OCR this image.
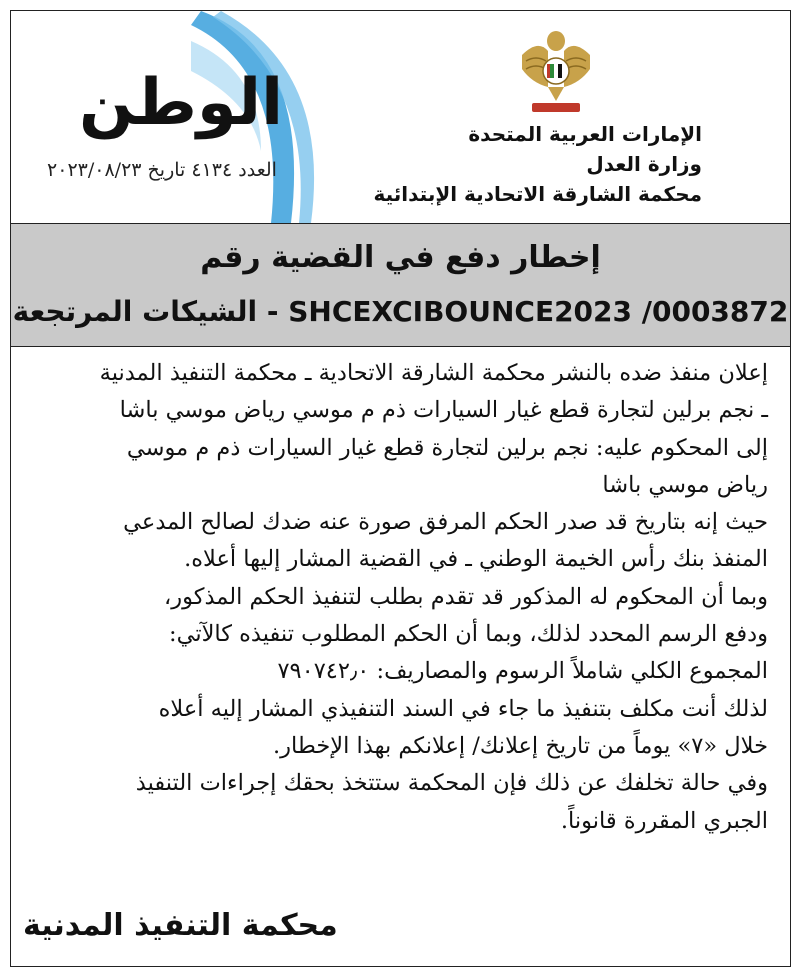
الإمارات العربية المتحدة
وزارة العدل
محكمة الشارقة الاتحادية الإبتدائية
الوطن
العدد ٤١٣٤ تاريخ ٢٠٢٣/٠٨/٢٣
إخطار دفع في القضية رقم
SHCEXCIBOUNCE2023 /0003872 - الشيكات المرتجعة

إعلان منفذ ضده بالنشر محكمة الشارقة الاتحادية ـ محكمة التنفيذ المدنية

ـ نجم برلين لتجارة قطع غيار السيارات ذم م موسي رياض موسي باشا

إلى المحكوم عليه: نجم برلين لتجارة قطع غيار السيارات ذم م موسي

رياض موسي باشا

حيث إنه بتاريخ قد صدر الحكم المرفق صورة عنه ضدك لصالح المدعي

المنفذ بنك رأس الخيمة الوطني ـ في القضية المشار إليها أعلاه.

وبما أن المحكوم له المذكور قد تقدم بطلب لتنفيذ الحكم المذكور،

ودفع الرسم المحدد لذلك، وبما أن الحكم المطلوب تنفيذه كالآتي:

المجموع الكلي شاملاً الرسوم والمصاريف: ٧٩٠٧٤٢٫٠

لذلك أنت مكلف بتنفيذ ما جاء في السند التنفيذي المشار إليه أعلاه

خلال «٧» يوماً من تاريخ إعلانك/ إعلانكم بهذا الإخطار.

وفي حالة تخلفك عن ذلك فإن المحكمة ستتخذ بحقك إجراءات التنفيذ

الجبري المقررة قانوناً.

محكمة التنفيذ المدنية
